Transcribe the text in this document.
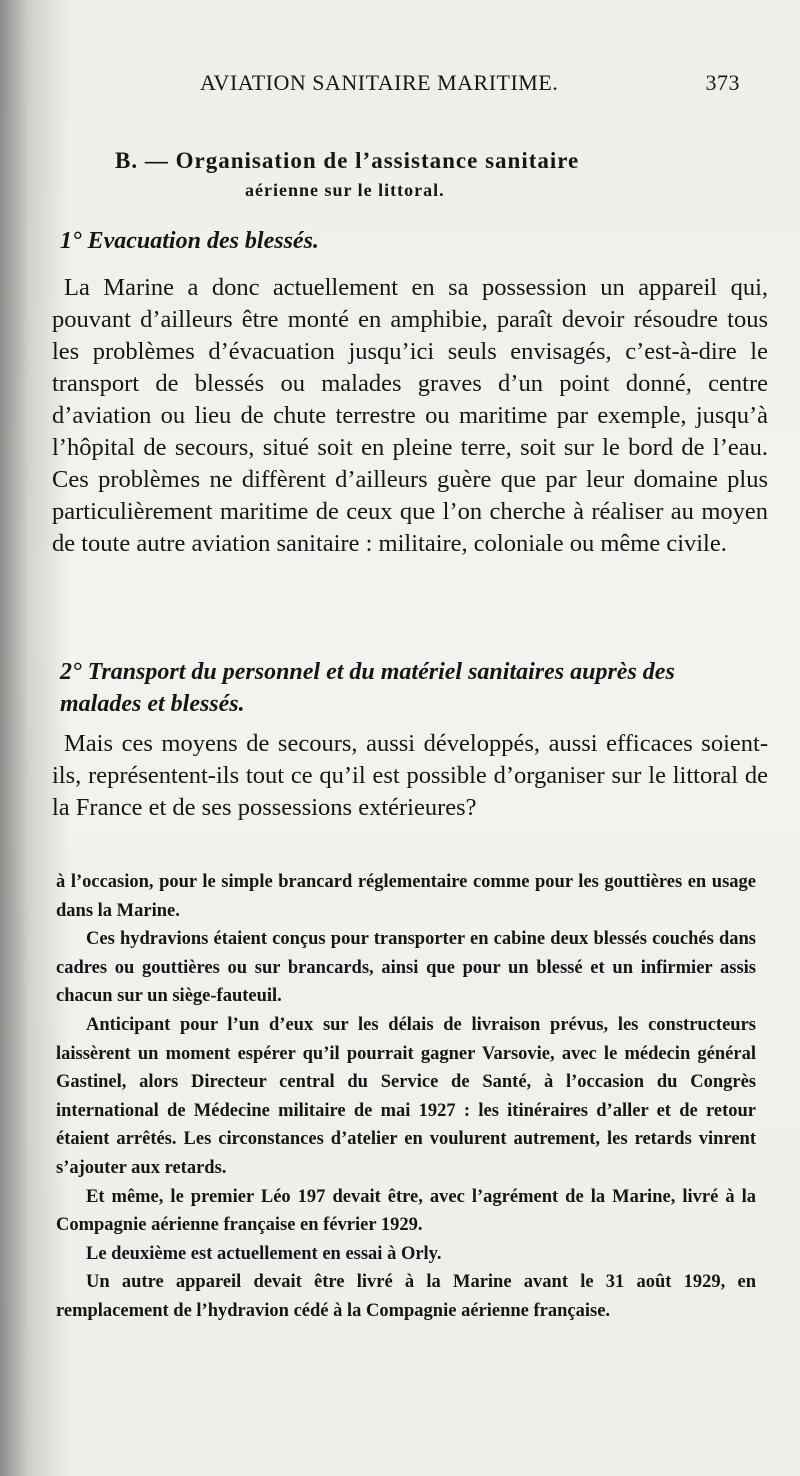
AVIATION SANITAIRE MARITIME.	373
B. — Organisation de l’assistance sanitaire
aérienne sur le littoral.
1° Evacuation des blessés.

La Marine a donc actuellement en sa possession un appareil qui, pouvant d’ailleurs être monté en amphibie, paraît devoir résoudre tous les problèmes d’évacuation jusqu’ici seuls envisagés, c’est-à-dire le transport de blessés ou malades graves d’un point donné, centre d’aviation ou lieu de chute terrestre ou maritime par exemple, jusqu’à l’hôpital de secours, situé soit en pleine terre, soit sur le bord de l’eau. Ces problèmes ne diffèrent d’ailleurs guère que par leur domaine plus particulièrement maritime de ceux que l’on cherche à réaliser au moyen de toute autre aviation sanitaire : militaire, coloniale ou même civile.

2° Transport du personnel et du matériel sanitaires auprès des malades et blessés.

Mais ces moyens de secours, aussi développés, aussi efficaces soient-ils, représentent-ils tout ce qu’il est possible d’organiser sur le littoral de la France et de ses possessions extérieures?

à l’occasion, pour le simple brancard réglementaire comme pour les gouttières en usage dans la Marine.

Ces hydravions étaient conçus pour transporter en cabine deux blessés couchés dans cadres ou gouttières ou sur brancards, ainsi que pour un blessé et un infirmier assis chacun sur un siège-fauteuil.

Anticipant pour l’un d’eux sur les délais de livraison prévus, les constructeurs laissèrent un moment espérer qu’il pourrait gagner Varsovie, avec le médecin général Gastinel, alors Directeur central du Service de Santé, à l’occasion du Congrès international de Médecine militaire de mai 1927 : les itinéraires d’aller et de retour étaient arrêtés. Les circonstances d’atelier en voulurent autrement, les retards vinrent s’ajouter aux retards.

Et même, le premier Léo 197 devait être, avec l’agrément de la Marine, livré à la Compagnie aérienne française en février 1929.

Le deuxième est actuellement en essai à Orly.

Un autre appareil devait être livré à la Marine avant le 31 août 1929, en remplacement de l’hydravion cédé à la Compagnie aérienne française.
